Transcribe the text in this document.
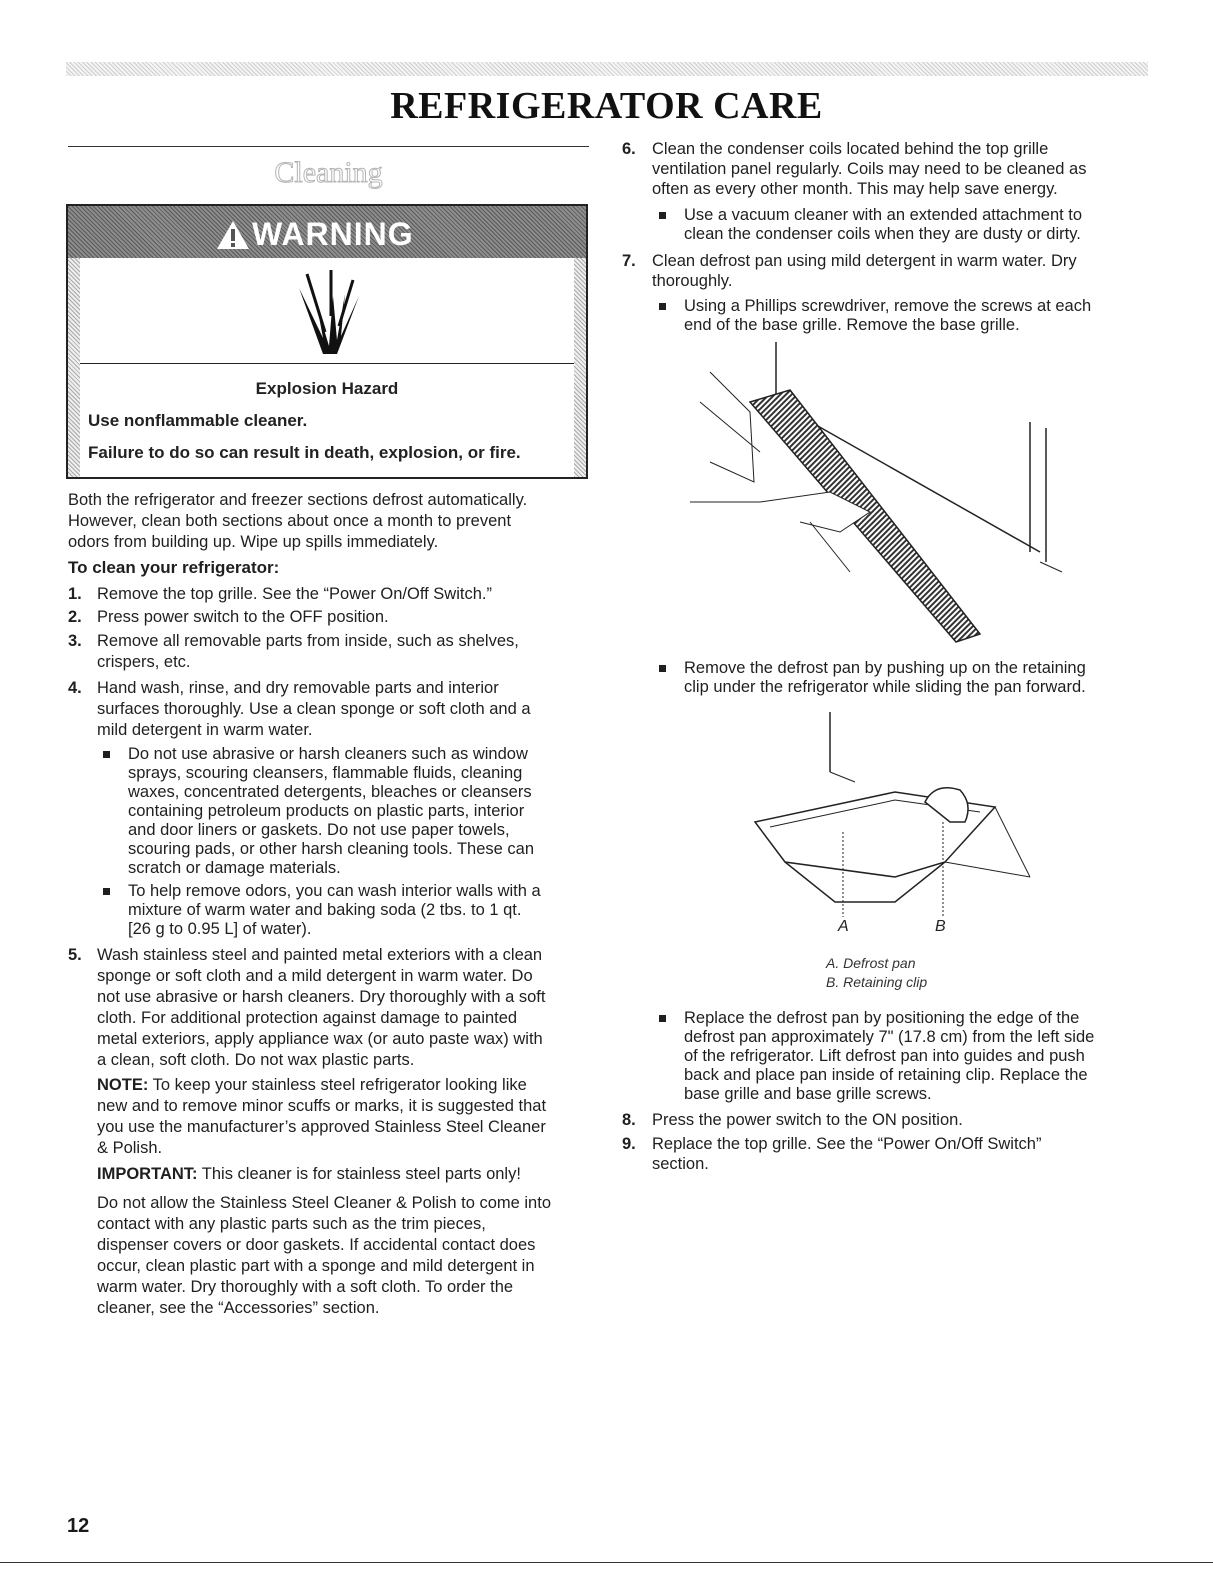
REFRIGERATOR CARE
Cleaning
WARNING
Explosion Hazard
Use nonflammable cleaner.
Failure to do so can result in death, explosion, or fire.
Both the refrigerator and freezer sections defrost automatically.
However, clean both sections about once a month to prevent
odors from building up. Wipe up spills immediately.
To clean your refrigerator:
1. Remove the top grille. See the “Power On/Off Switch.”
2. Press power switch to the OFF position.
3. Remove all removable parts from inside, such as shelves,
crispers, etc.
4. Hand wash, rinse, and dry removable parts and interior
surfaces thoroughly. Use a clean sponge or soft cloth and a
mild detergent in warm water.
Do not use abrasive or harsh cleaners such as window
sprays, scouring cleansers, flammable fluids, cleaning
waxes, concentrated detergents, bleaches or cleansers
containing petroleum products on plastic parts, interior
and door liners or gaskets. Do not use paper towels,
scouring pads, or other harsh cleaning tools. These can
scratch or damage materials.
To help remove odors, you can wash interior walls with a
mixture of warm water and baking soda (2 tbs. to 1 qt.
[26 g to 0.95 L] of water).
5. Wash stainless steel and painted metal exteriors with a clean
sponge or soft cloth and a mild detergent in warm water. Do
not use abrasive or harsh cleaners. Dry thoroughly with a soft
cloth. For additional protection against damage to painted
metal exteriors, apply appliance wax (or auto paste wax) with
a clean, soft cloth. Do not wax plastic parts.
NOTE: To keep your stainless steel refrigerator looking like
new and to remove minor scuffs or marks, it is suggested that
you use the manufacturer’s approved Stainless Steel Cleaner
& Polish.
IMPORTANT: This cleaner is for stainless steel parts only!
Do not allow the Stainless Steel Cleaner & Polish to come into
contact with any plastic parts such as the trim pieces,
dispenser covers or door gaskets. If accidental contact does
occur, clean plastic part with a sponge and mild detergent in
warm water. Dry thoroughly with a soft cloth. To order the
cleaner, see the “Accessories” section.
6. Clean the condenser coils located behind the top grille
ventilation panel regularly. Coils may need to be cleaned as
often as every other month. This may help save energy.
Use a vacuum cleaner with an extended attachment to
clean the condenser coils when they are dusty or dirty.
7. Clean defrost pan using mild detergent in warm water. Dry
thoroughly.
Using a Phillips screwdriver, remove the screws at each
end of the base grille. Remove the base grille.
Remove the defrost pan by pushing up on the retaining
clip under the refrigerator while sliding the pan forward.
A	B
A. Defrost pan
B. Retaining clip
Replace the defrost pan by positioning the edge of the
defrost pan approximately 7" (17.8 cm) from the left side
of the refrigerator. Lift defrost pan into guides and push
back and place pan inside of retaining clip. Replace the
base grille and base grille screws.
8. Press the power switch to the ON position.
9. Replace the top grille. See the “Power On/Off Switch”
section.
12
